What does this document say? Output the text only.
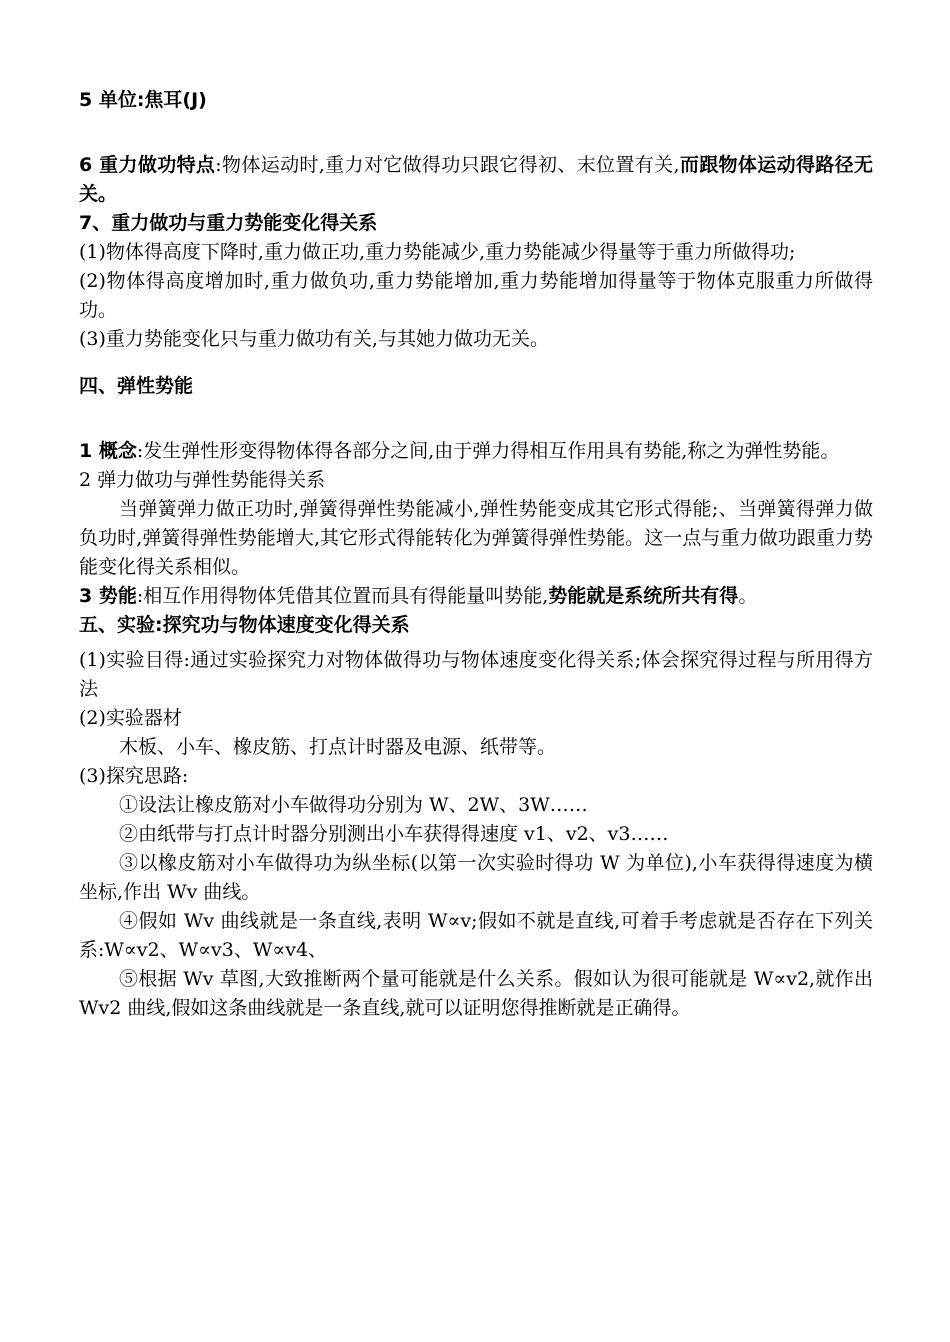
5 单位:焦耳(J)

6 重力做功特点:物体运动时,重力对它做得功只跟它得初、末位置有关,而跟物体运动得路径无关。

7、重力做功与重力势能变化得关系

(1)物体得高度下降时,重力做正功,重力势能减少,重力势能减少得量等于重力所做得功;

(2)物体得高度增加时,重力做负功,重力势能增加,重力势能增加得量等于物体克服重力所做得功。

(3)重力势能变化只与重力做功有关,与其她力做功无关。

四、弹性势能

1 概念:发生弹性形变得物体得各部分之间,由于弹力得相互作用具有势能,称之为弹性势能。

2 弹力做功与弹性势能得关系

当弹簧弹力做正功时,弹簧得弹性势能减小,弹性势能变成其它形式得能;、当弹簧得弹力做负功时,弹簧得弹性势能增大,其它形式得能转化为弹簧得弹性势能。这一点与重力做功跟重力势能变化得关系相似。

3 势能:相互作用得物体凭借其位置而具有得能量叫势能,势能就是系统所共有得。

五、实验:探究功与物体速度变化得关系

(1)实验目得:通过实验探究力对物体做得功与物体速度变化得关系;体会探究得过程与所用得方法

(2)实验器材

木板、小车、橡皮筋、打点计时器及电源、纸带等。

(3)探究思路:

①设法让橡皮筋对小车做得功分别为 W、2W、3W……

②由纸带与打点计时器分别测出小车获得得速度 v1、v2、v3……

③以橡皮筋对小车做得功为纵坐标(以第一次实验时得功 W 为单位),小车获得得速度为横坐标,作出 Wv 曲线。

④假如 Wv 曲线就是一条直线,表明 W∝v;假如不就是直线,可着手考虑就是否存在下列关系:W∝v2、W∝v3、W∝v4、

⑤根据 Wv 草图,大致推断两个量可能就是什么关系。假如认为很可能就是 W∝v2,就作出 Wv2 曲线,假如这条曲线就是一条直线,就可以证明您得推断就是正确得。
